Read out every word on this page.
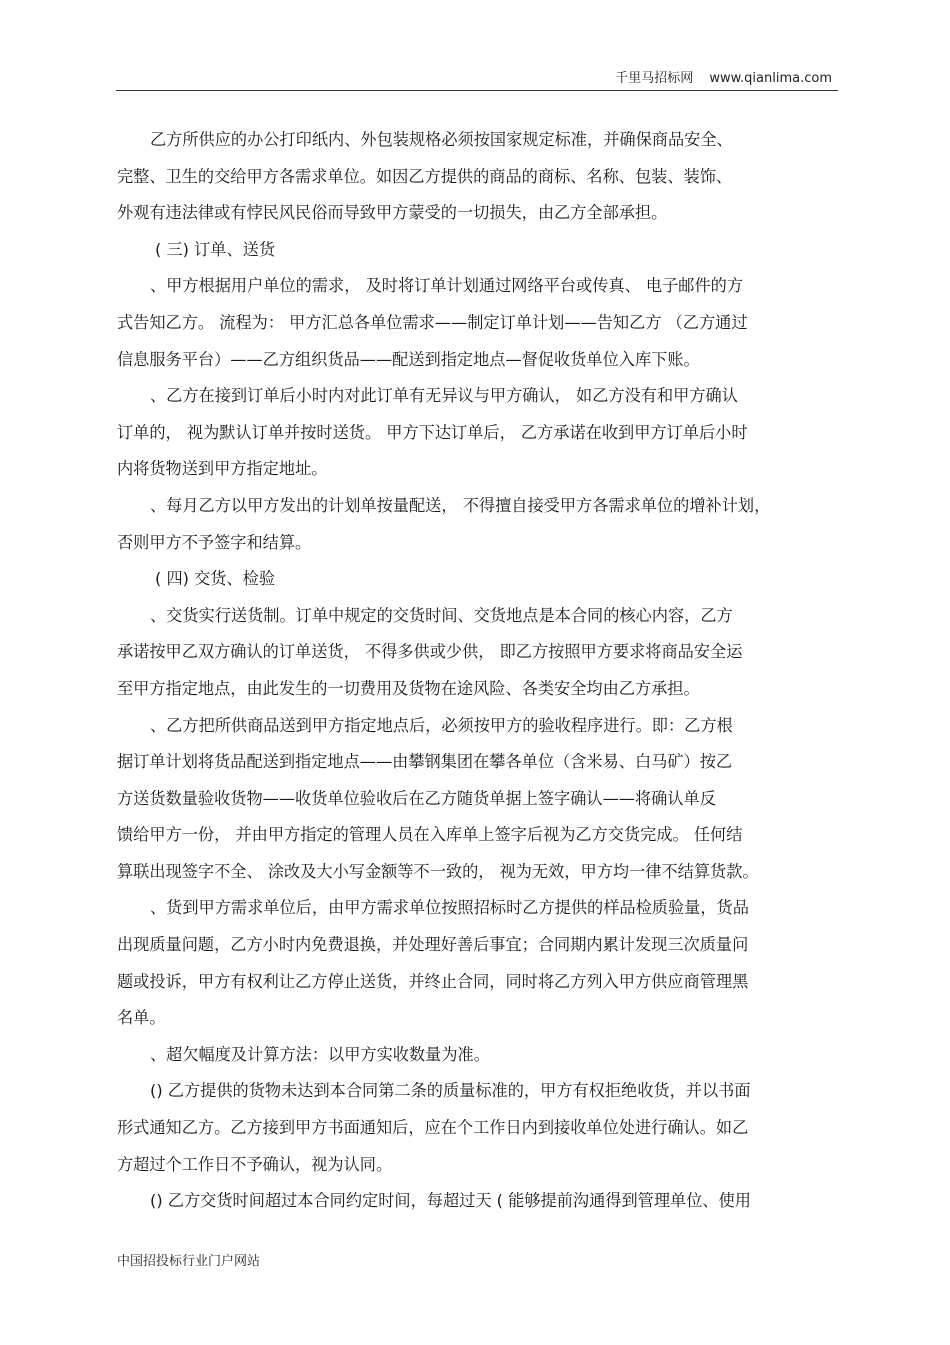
千里马招标网 www.qianlima.com
乙方所供应的办公打印纸内、外包装规格必须按国家规定标准，并确保商品安全、
完整、卫生的交给甲方各需求单位。如因乙方提供的商品的商标、名称、包装、装饰、
外观有违法律或有悖民风民俗而导致甲方蒙受的一切损失，由乙方全部承担。
( 三) 订单、送货
、甲方根据用户单位的需求， 及时将订单计划通过网络平台或传真、 电子邮件的方
式告知乙方。 流程为： 甲方汇总各单位需求——制定订单计划——告知乙方 （乙方通过
信息服务平台）——乙方组织货品——配送到指定地点—督促收货单位入库下账。
、乙方在接到订单后小时内对此订单有无异议与甲方确认， 如乙方没有和甲方确认
订单的， 视为默认订单并按时送货。 甲方下达订单后， 乙方承诺在收到甲方订单后小时
内将货物送到甲方指定地址。
、每月乙方以甲方发出的计划单按量配送， 不得擅自接受甲方各需求单位的增补计划，
否则甲方不予签字和结算。
( 四) 交货、检验
、交货实行送货制。订单中规定的交货时间、交货地点是本合同的核心内容，乙方
承诺按甲乙双方确认的订单送货， 不得多供或少供， 即乙方按照甲方要求将商品安全运
至甲方指定地点，由此发生的一切费用及货物在途风险、各类安全均由乙方承担。
、乙方把所供商品送到甲方指定地点后，必须按甲方的验收程序进行。即：乙方根
据订单计划将货品配送到指定地点——由攀钢集团在攀各单位（含米易、白马矿）按乙
方送货数量验收货物——收货单位验收后在乙方随货单据上签字确认——将确认单反
馈给甲方一份， 并由甲方指定的管理人员在入库单上签字后视为乙方交货完成。 任何结
算联出现签字不全、 涂改及大小写金额等不一致的， 视为无效，甲方均一律不结算货款。
、货到甲方需求单位后，由甲方需求单位按照招标时乙方提供的样品检质验量，货品
出现质量问题，乙方小时内免费退换，并处理好善后事宜；合同期内累计发现三次质量问
题或投诉，甲方有权利让乙方停止送货，并终止合同，同时将乙方列入甲方供应商管理黑
名单。
、超欠幅度及计算方法：以甲方实收数量为准。
() 乙方提供的货物未达到本合同第二条的质量标准的，甲方有权拒绝收货，并以书面
形式通知乙方。乙方接到甲方书面通知后，应在个工作日内到接收单位处进行确认。如乙
方超过个工作日不予确认，视为认同。
() 乙方交货时间超过本合同约定时间，每超过天 ( 能够提前沟通得到管理单位、使用
中国招投标行业门户网站
